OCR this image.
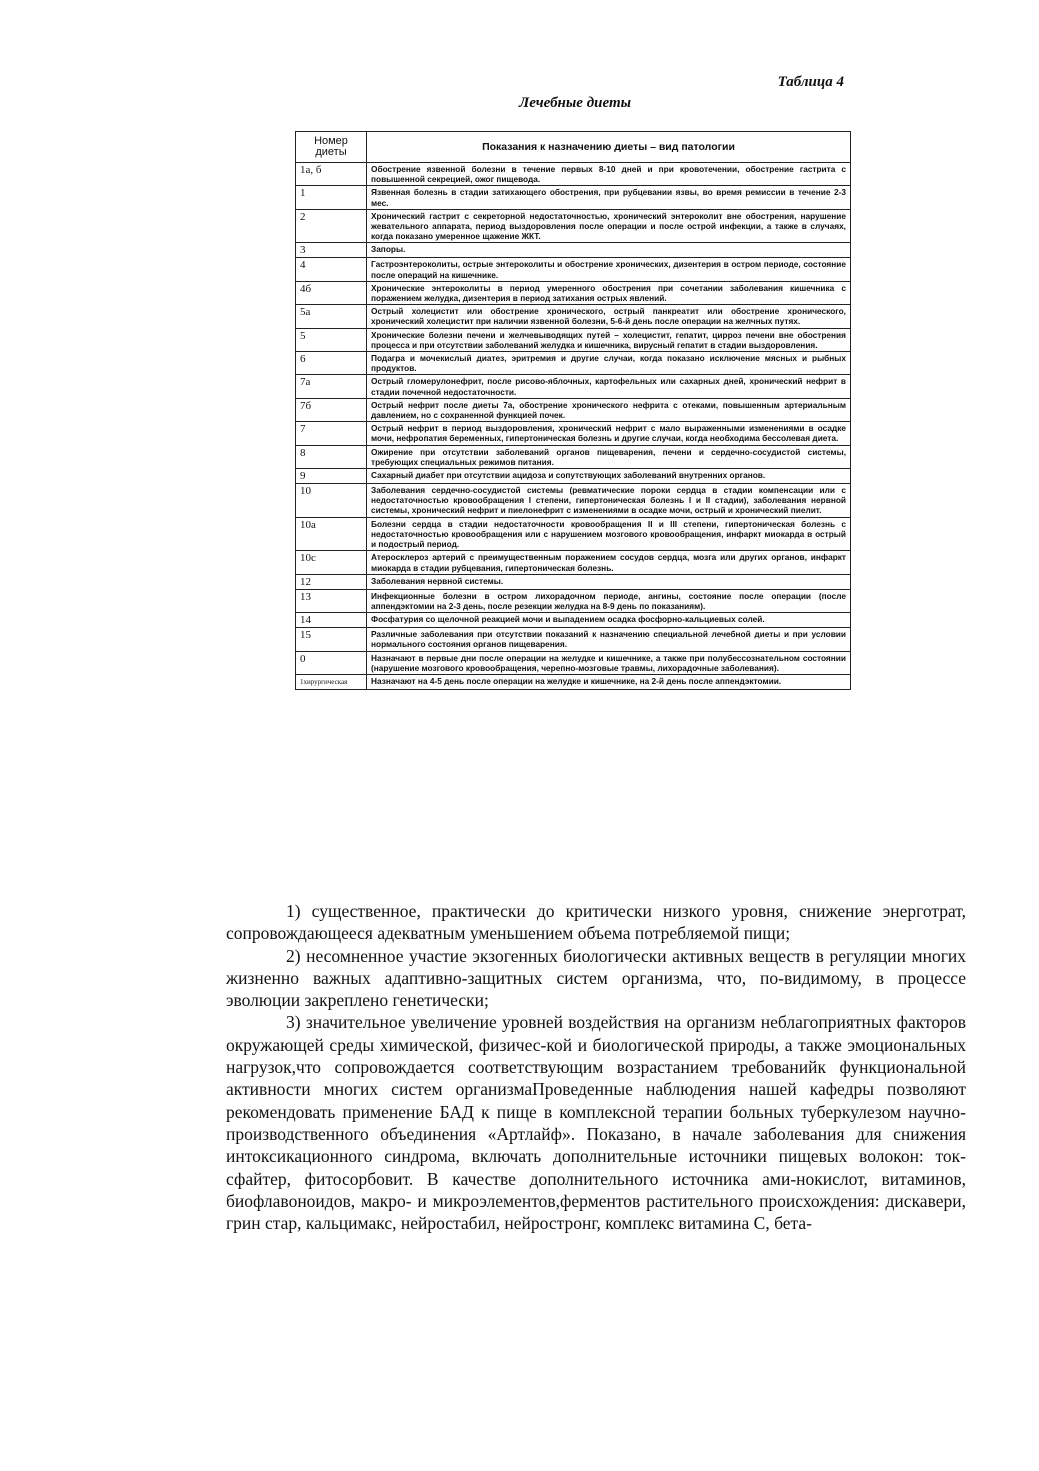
Таблица 4
Лечебные диеты
Номер диеты	Показания к назначению диеты – вид патологии
1а, б	Обострение язвенной болезни в течение первых 8-10 дней и при кровотечении, обострение гастрита с повышенной секрецией, ожог пищевода.
1	Язвенная болезнь в стадии затихающего обострения, при рубцевании язвы, во время ремиссии в течение 2-3 мес.
2	Хронический гастрит с секреторной недостаточностью, хронический энтероколит вне обострения, нарушение жевательного аппарата, период выздоровления после операции и после острой инфекции, а также в случаях, когда показано умеренное щажение ЖКТ.
3	Запоры.
4	Гастроэнтероколиты, острые энтероколиты и обострение хронических, дизентерия в остром периоде, состояние после операций на кишечнике.
4б	Хронические энтероколиты в период умеренного обострения при сочетании заболевания кишечника с поражением желудка, дизентерия в период затихания острых явлений.
5а	Острый холецистит или обострение хронического, острый панкреатит или обострение хронического, хронический холецистит при наличии язвенной болезни, 5-6-й день после операции на желчных путях.
5	Хронические болезни печени и желчевыводящих путей – холецистит, гепатит, цирроз печени вне обострения процесса и при отсутствии заболеваний желудка и кишечника, вирусный гепатит в стадии выздоровления.
6	Подагра и мочекислый диатез, эритремия и другие случаи, когда показано исключение мясных и рыбных продуктов.
7а	Острый гломерулонефрит, после рисово-яблочных, картофельных или сахарных дней, хронический нефрит в стадии почечной недостаточности.
7б	Острый нефрит после диеты 7а, обострение хронического нефрита с отеками, повышенным артериальным давлением, но с сохраненной функцией почек.
7	Острый нефрит в период выздоровления, хронический нефрит с мало выраженными изменениями в осадке мочи, нефропатия беременных, гипертоническая болезнь и другие случаи, когда необходима бессолевая диета.
8	Ожирение при отсутствии заболеваний органов пищеварения, печени и сердечно-сосудистой системы, требующих специальных режимов питания.
9	Сахарный диабет при отсутствии ацидоза и сопутствующих заболеваний внутренних органов.
10	Заболевания сердечно-сосудистой системы (ревматические пороки сердца в стадии компенсации или с недостаточностью кровообращения I степени, гипертоническая болезнь I и II стадии), заболевания нервной системы, хронический нефрит и пиелонефрит с изменениями в осадке мочи, острый и хронический пиелит.
10а	Болезни сердца в стадии недостаточности кровообращения II и III степени, гипертоническая болезнь с недостаточностью кровообращения или с нарушением мозгового кровообращения, инфаркт миокарда в острый и подострый период.
10с	Атеросклероз артерий с преимущественным поражением сосудов сердца, мозга или других органов, инфаркт миокарда в стадии рубцевания, гипертоническая болезнь.
12	Заболевания нервной системы.
13	Инфекционные болезни в остром лихорадочном периоде, ангины, состояние после операции (после аппендэктомии на 2-3 день, после резекции желудка на 8-9 день по показаниям).
14	Фосфатурия со щелочной реакцией мочи и выпадением осадка фосфорно-кальциевых солей.
15	Различные заболевания при отсутствии показаний к назначению специальной лечебной диеты и при условии нормального состояния органов пищеварения.
0	Назначают в первые дни после операции на желудке и кишечнике, а также при полубессознательном состоянии (нарушение мозгового кровообращения, черепно-мозговые травмы, лихорадочные заболевания).
1хирургическая	Назначают на 4-5 день после операции на желудке и кишечнике, на 2-й день после аппендэктомии.

1) существенное, практически до критически низкого уровня, снижение энерготрат, сопровождающееся адекватным уменьшением объема потребляемой пищи;

2) несомненное участие экзогенных биологически активных веществ в регуляции многих жизненно важных адаптивно-защитных систем организма, что, по-видимому, в процессе эволюции закреплено генетически;

3) значительное увеличение уровней воздействия на организм неблагоприятных факторов окружающей среды химической, физичес-кой и биологической природы, а также эмоциональных нагрузок,что сопровождается соответствующим возрастанием требованийк функциональной активности многих систем организмаПроведенные наблюдения нашей кафедры позволяют рекомендовать применение БАД к пище в комплексной терапии больных туберкулезом научно-производственного объединения «Артлайф». Показано, в начале заболевания для снижения интоксикационного синдрома, включать дополнительные источники пищевых волокон: ток-сфайтер, фитосорбовит. В качестве дополнительного источника ами-нокислот, витаминов, биофлавоноидов, макро- и микроэлементов,ферментов растительного происхождения: дискавери, грин стар, кальцимакс, нейростабил, нейростронг, комплекс витамина С, бета-
